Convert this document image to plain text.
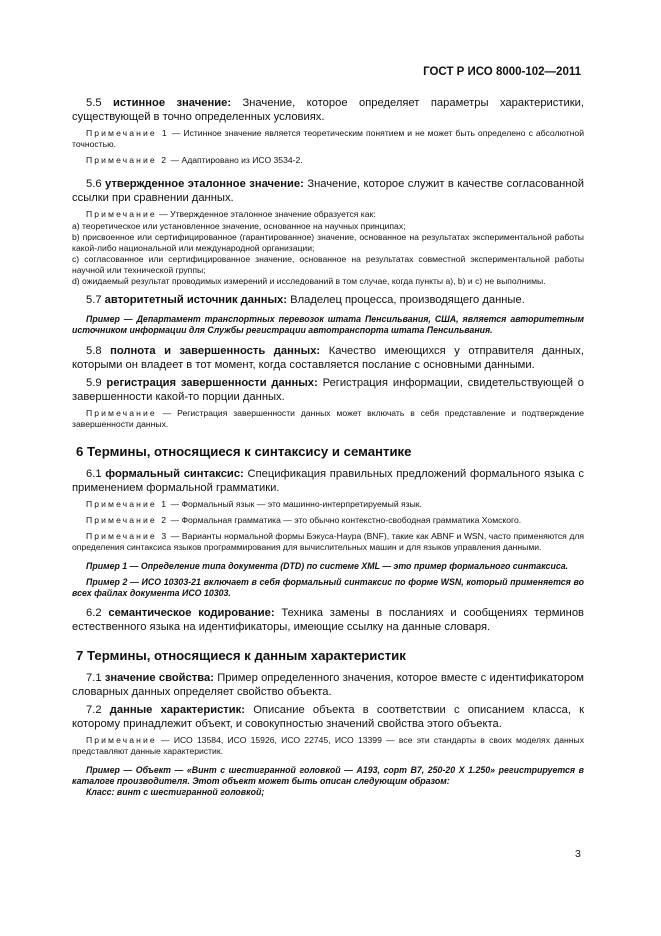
ГОСТ Р ИСО 8000-102—2011

5.5 истинное значение: Значение, которое определяет параметры характеристики, существующей в точно определенных условиях.

Примечание 1 — Истинное значение является теоретическим понятием и не может быть определено с абсолютной точностью.

Примечание 2 — Адаптировано из ИСО 3534-2.

5.6 утвержденное эталонное значение: Значение, которое служит в качестве согласованной ссылки при сравнении данных.

Примечание — Утвержденное эталонное значение образуется как:

a) теоретическое или установленное значение, основанное на научных принципах;

b) присвоенное или сертифицированное (гарантированное) значение, основанное на результатах экспериментальной работы какой-либо национальной или международной организации;

c) согласованное или сертифицированное значение, основанное на результатах совместной экспериментальной работы научной или технической группы;

d) ожидаемый результат проводимых измерений и исследований в том случае, когда пункты a), b) и c) не выполнимы.

5.7 авторитетный источник данных: Владелец процесса, производящего данные.

Пример — Департамент транспортных перевозок штата Пенсильвания, США, является авторитетным источником информации для Службы регистрации автотранспорта штата Пенсильвания.

5.8 полнота и завершенность данных: Качество имеющихся у отправителя данных, которыми он владеет в тот момент, когда составляется послание с основными данными.

5.9 регистрация завершенности данных: Регистрация информации, свидетельствующей о завершенности какой-то порции данных.

Примечание — Регистрация завершенности данных может включать в себя представление и подтверждение завершенности данных.

6 Термины, относящиеся к синтаксису и семантике

6.1 формальный синтаксис: Спецификация правильных предложений формального языка с применением формальной грамматики.

Примечание 1 — Формальный язык — это машинно-интерпретируемый язык.

Примечание 2 — Формальная грамматика — это обычно контекстно-свободная грамматика Хомского.

Примечание 3 — Варианты нормальной формы Бэкуса-Наура (BNF), такие как ABNF и WSN, часто применяются для определения синтаксиса языков программирования для вычислительных машин и для языков управления данными.

Пример 1 — Определение типа документа (DTD) по системе XML — это пример формального синтаксиса.

Пример 2 — ИСО 10303-21 включает в себя формальный синтаксис по форме WSN, который применяется во всех файлах документа ИСО 10303.

6.2 семантическое кодирование: Техника замены в посланиях и сообщениях терминов естественного языка на идентификаторы, имеющие ссылку на данные словаря.

7 Термины, относящиеся к данным характеристик

7.1 значение свойства: Пример определенного значения, которое вместе с идентификатором словарных данных определяет свойство объекта.

7.2 данные характеристик: Описание объекта в соответствии с описанием класса, к которому принадлежит объект, и совокупностью значений свойства этого объекта.

Примечание — ИСО 13584, ИСО 15926, ИСО 22745, ИСО 13399 — все эти стандарты в своих моделях данных представляют данные характеристик.

Пример — Объект — «Винт с шестигранной головкой — A193, сорт B7, 250-20 X 1.250» регистрируется в каталоге производителя. Этот объект может быть описан следующим образом:

Класс: винт с шестигранной головкой;

3
